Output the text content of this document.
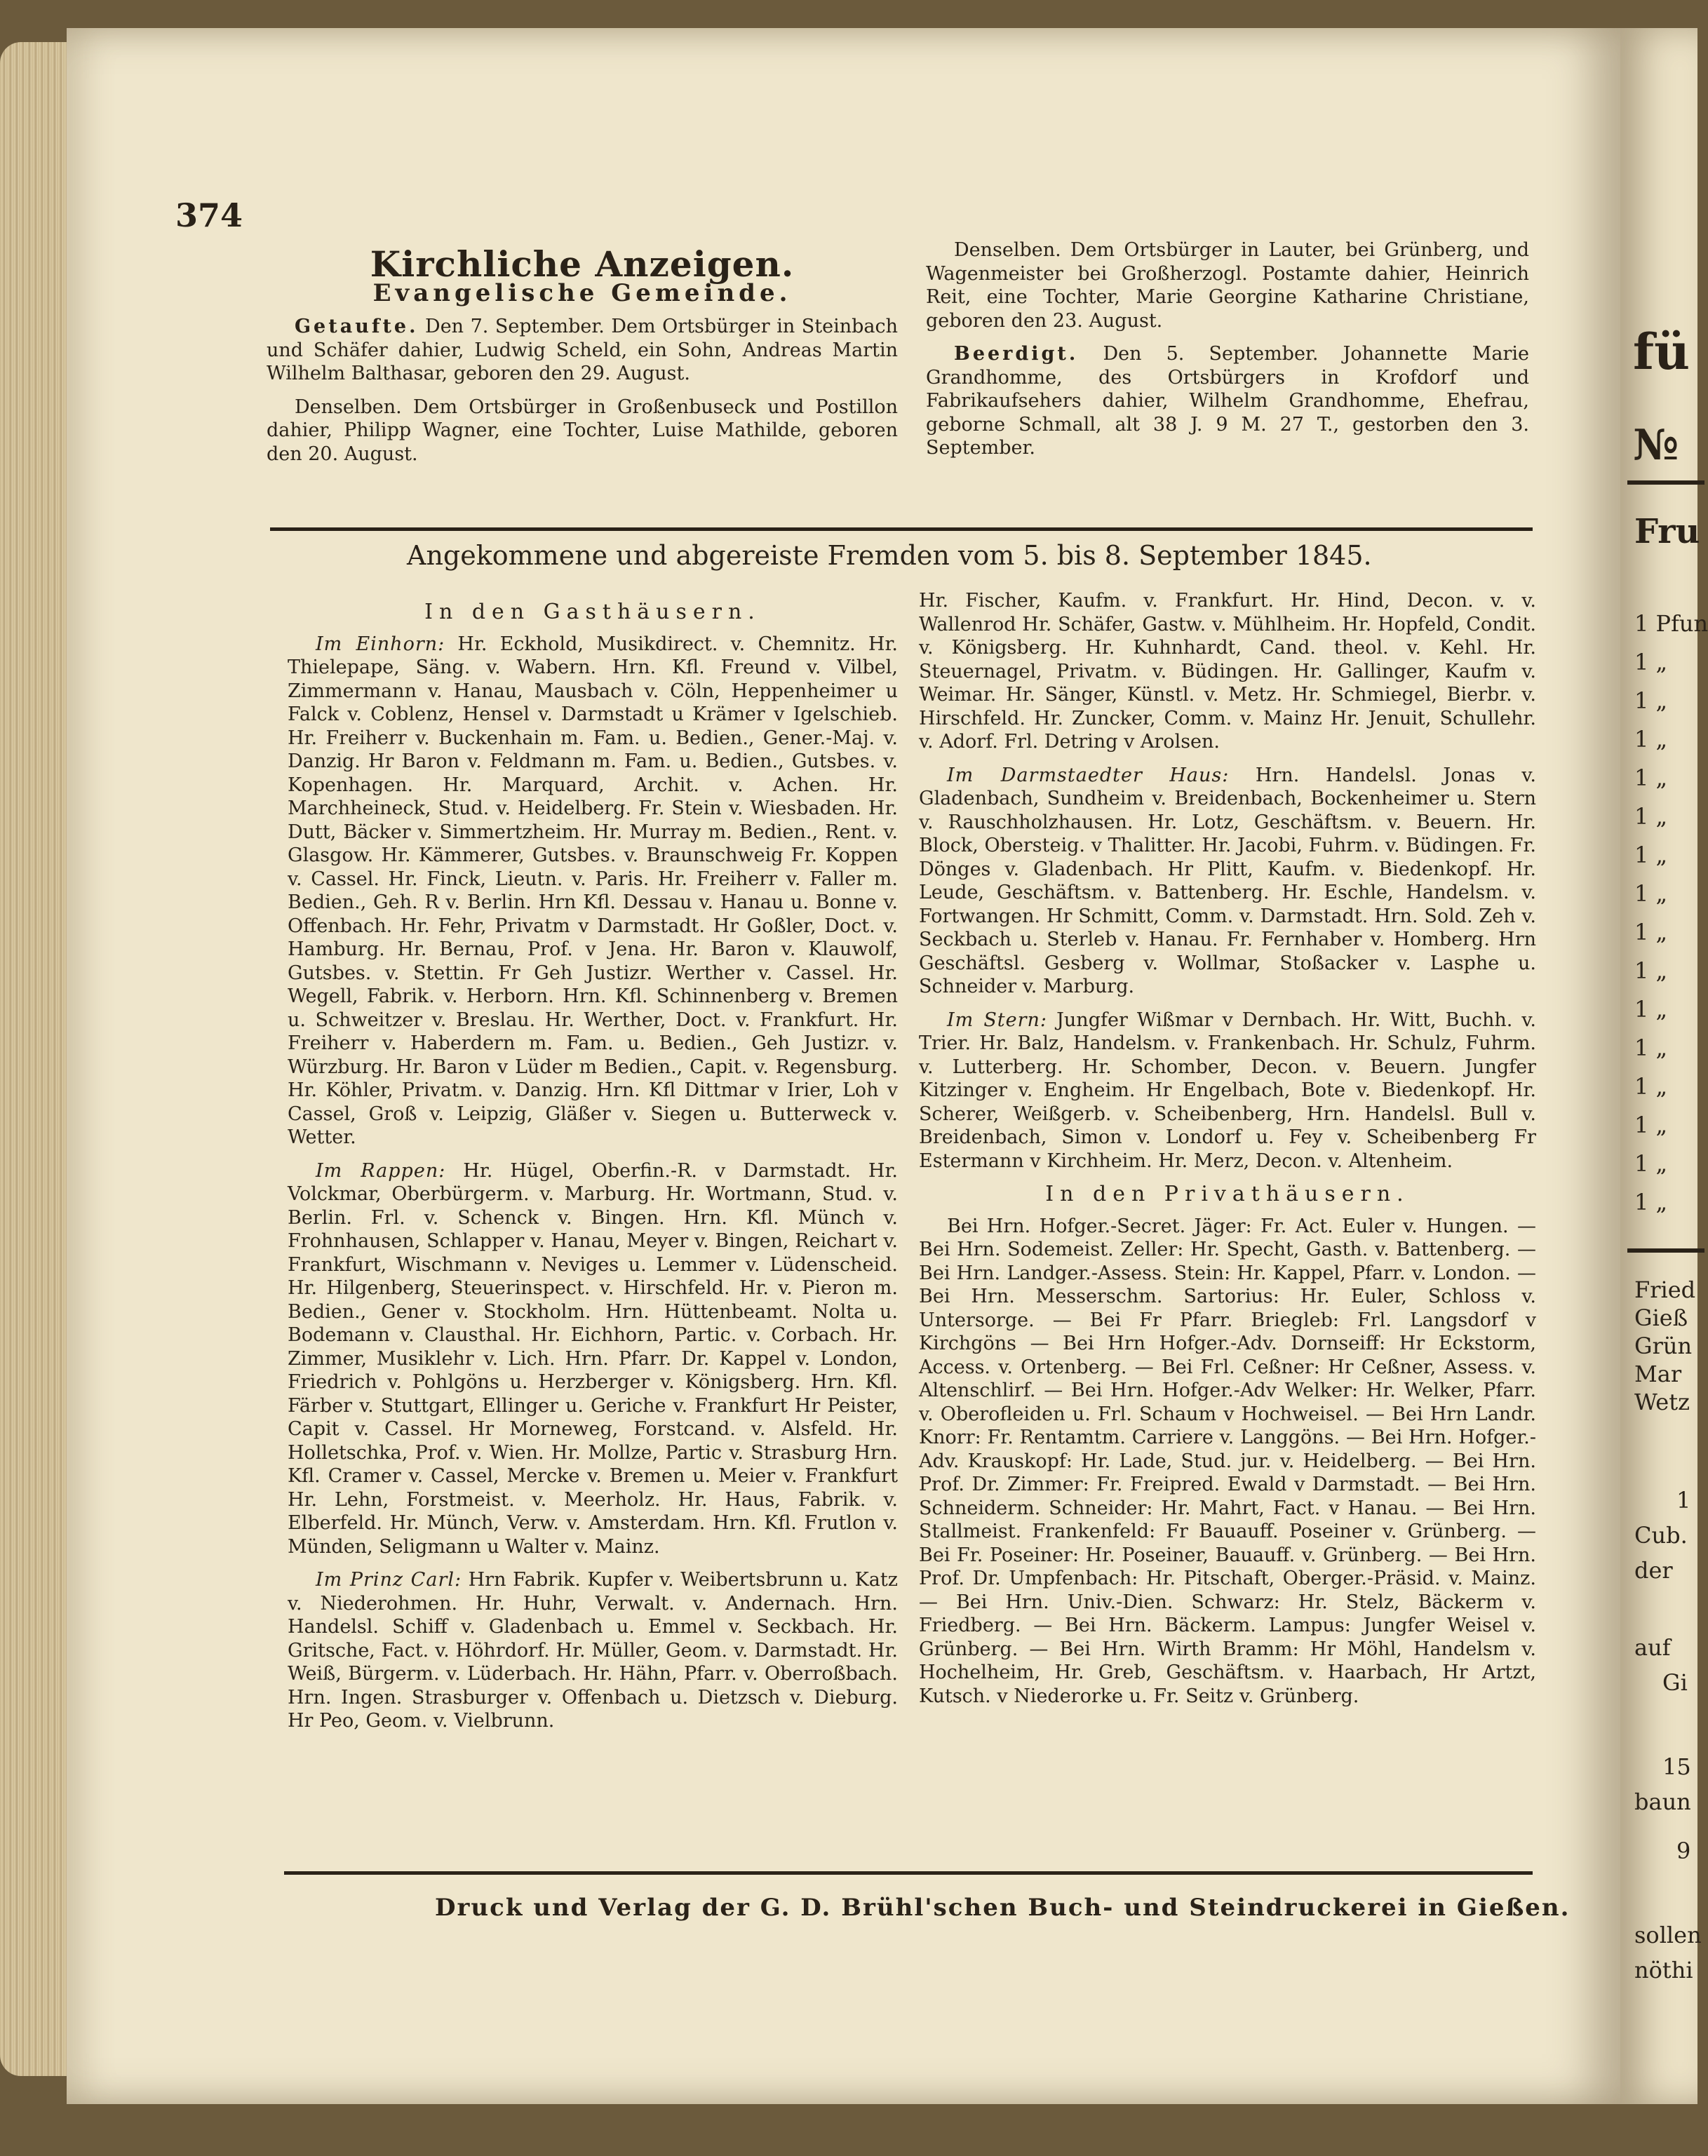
374
Kirchliche Anzeigen.
Evangelische Gemeinde.

Getaufte. Den 7. September. Dem Ortsbürger in Steinbach und Schäfer dahier, Ludwig Scheld, ein Sohn, Andreas Martin Wilhelm Balthasar, geboren den 29. August.

Denselben. Dem Ortsbürger in Großenbuseck und Postillon dahier, Philipp Wagner, eine Tochter, Luise Mathilde, geboren den 20. August.

Denselben. Dem Ortsbürger in Lauter, bei Grünberg, und Wagenmeister bei Großherzogl. Postamte dahier, Heinrich Reit, eine Tochter, Marie Georgine Katharine Christiane, geboren den 23. August.

Beerdigt. Den 5. September. Johannette Marie Grandhomme, des Ortsbürgers in Krofdorf und Fabrikaufsehers dahier, Wilhelm Grandhomme, Ehefrau, geborne Schmall, alt 38 J. 9 M. 27 T., gestorben den 3. September.

Angekommene und abgereiste Fremden vom 5. bis 8. September 1845.
In den Gasthäusern.

Im Einhorn: Hr. Eckhold, Musikdirect. v. Chemnitz. Hr. Thielepape, Säng. v. Wabern. Hrn. Kfl. Freund v. Vilbel, Zimmermann v. Hanau, Mausbach v. Cöln, Heppenheimer u Falck v. Coblenz, Hensel v. Darmstadt u Krämer v Igelschieb. Hr. Freiherr v. Buckenhain m. Fam. u. Bedien., Gener.-Maj. v. Danzig. Hr Baron v. Feldmann m. Fam. u. Bedien., Gutsbes. v. Kopenhagen. Hr. Marquard, Archit. v. Achen. Hr. Marchheineck, Stud. v. Heidelberg. Fr. Stein v. Wiesbaden. Hr. Dutt, Bäcker v. Simmertzheim. Hr. Murray m. Bedien., Rent. v. Glasgow. Hr. Kämmerer, Gutsbes. v. Braunschweig Fr. Koppen v. Cassel. Hr. Finck, Lieutn. v. Paris. Hr. Freiherr v. Faller m. Bedien., Geh. R v. Berlin. Hrn Kfl. Dessau v. Hanau u. Bonne v. Offenbach. Hr. Fehr, Privatm v Darmstadt. Hr Goßler, Doct. v. Hamburg. Hr. Bernau, Prof. v Jena. Hr. Baron v. Klauwolf, Gutsbes. v. Stettin. Fr Geh Justizr. Werther v. Cassel. Hr. Wegell, Fabrik. v. Herborn. Hrn. Kfl. Schinnenberg v. Bremen u. Schweitzer v. Breslau. Hr. Werther, Doct. v. Frankfurt. Hr. Freiherr v. Haberdern m. Fam. u. Bedien., Geh Justizr. v. Würzburg. Hr. Baron v Lüder m Bedien., Capit. v. Regensburg. Hr. Köhler, Privatm. v. Danzig. Hrn. Kfl Dittmar v Irier, Loh v Cassel, Groß v. Leipzig, Gläßer v. Siegen u. Butterweck v. Wetter.

Im Rappen: Hr. Hügel, Oberfin.-R. v Darmstadt. Hr. Volckmar, Oberbürgerm. v. Marburg. Hr. Wortmann, Stud. v. Berlin. Frl. v. Schenck v. Bingen. Hrn. Kfl. Münch v. Frohnhausen, Schlapper v. Hanau, Meyer v. Bingen, Reichart v. Frankfurt, Wischmann v. Neviges u. Lemmer v. Lüdenscheid. Hr. Hilgenberg, Steuerinspect. v. Hirschfeld. Hr. v. Pieron m. Bedien., Gener v. Stockholm. Hrn. Hüttenbeamt. Nolta u. Bodemann v. Clausthal. Hr. Eichhorn, Partic. v. Corbach. Hr. Zimmer, Musiklehr v. Lich. Hrn. Pfarr. Dr. Kappel v. London, Friedrich v. Pohlgöns u. Herzberger v. Königsberg. Hrn. Kfl. Färber v. Stuttgart, Ellinger u. Geriche v. Frankfurt Hr Peister, Capit v. Cassel. Hr Morneweg, Forstcand. v. Alsfeld. Hr. Holletschka, Prof. v. Wien. Hr. Mollze, Partic v. Strasburg Hrn. Kfl. Cramer v. Cassel, Mercke v. Bremen u. Meier v. Frankfurt Hr. Lehn, Forstmeist. v. Meerholz. Hr. Haus, Fabrik. v. Elberfeld. Hr. Münch, Verw. v. Amsterdam. Hrn. Kfl. Frutlon v. Münden, Seligmann u Walter v. Mainz.

Im Prinz Carl: Hrn Fabrik. Kupfer v. Weibertsbrunn u. Katz v. Niederohmen. Hr. Huhr, Verwalt. v. Andernach. Hrn. Handelsl. Schiff v. Gladenbach u. Emmel v. Seckbach. Hr. Gritsche, Fact. v. Höhrdorf. Hr. Müller, Geom. v. Darmstadt. Hr. Weiß, Bürgerm. v. Lüderbach. Hr. Hähn, Pfarr. v. Oberroßbach. Hrn. Ingen. Strasburger v. Offenbach u. Dietzsch v. Dieburg. Hr Peo, Geom. v. Vielbrunn.

Hr. Fischer, Kaufm. v. Frankfurt. Hr. Hind, Decon. v. v. Wallenrod Hr. Schäfer, Gastw. v. Mühlheim. Hr. Hopfeld, Condit. v. Königsberg. Hr. Kuhnhardt, Cand. theol. v. Kehl. Hr. Steuernagel, Privatm. v. Büdingen. Hr. Gallinger, Kaufm v. Weimar. Hr. Sänger, Künstl. v. Metz. Hr. Schmiegel, Bierbr. v. Hirschfeld. Hr. Zuncker, Comm. v. Mainz Hr. Jenuit, Schullehr. v. Adorf. Frl. Detring v Arolsen.

Im Darmstaedter Haus: Hrn. Handelsl. Jonas v. Gladenbach, Sundheim v. Breidenbach, Bockenheimer u. Stern v. Rauschholzhausen. Hr. Lotz, Geschäftsm. v. Beuern. Hr. Block, Obersteig. v Thalitter. Hr. Jacobi, Fuhrm. v. Büdingen. Fr. Dönges v. Gladenbach. Hr Plitt, Kaufm. v. Biedenkopf. Hr. Leude, Geschäftsm. v. Battenberg. Hr. Eschle, Handelsm. v. Fortwangen. Hr Schmitt, Comm. v. Darmstadt. Hrn. Sold. Zeh v. Seckbach u. Sterleb v. Hanau. Fr. Fernhaber v. Homberg. Hrn Geschäftsl. Gesberg v. Wollmar, Stoßacker v. Lasphe u. Schneider v. Marburg.

Im Stern: Jungfer Wißmar v Dernbach. Hr. Witt, Buchh. v. Trier. Hr. Balz, Handelsm. v. Frankenbach. Hr. Schulz, Fuhrm. v. Lutterberg. Hr. Schomber, Decon. v. Beuern. Jungfer Kitzinger v. Engheim. Hr Engelbach, Bote v. Biedenkopf. Hr. Scherer, Weißgerb. v. Scheibenberg, Hrn. Handelsl. Bull v. Breidenbach, Simon v. Londorf u. Fey v. Scheibenberg Fr Estermann v Kirchheim. Hr. Merz, Decon. v. Altenheim.

In den Privathäusern.

Bei Hrn. Hofger.-Secret. Jäger: Fr. Act. Euler v. Hungen. — Bei Hrn. Sodemeist. Zeller: Hr. Specht, Gasth. v. Battenberg. — Bei Hrn. Landger.-Assess. Stein: Hr. Kappel, Pfarr. v. London. — Bei Hrn. Messerschm. Sartorius: Hr. Euler, Schloss v. Untersorge. — Bei Fr Pfarr. Briegleb: Frl. Langsdorf v Kirchgöns — Bei Hrn Hofger.-Adv. Dornseiff: Hr Eckstorm, Access. v. Ortenberg. — Bei Frl. Ceßner: Hr Ceßner, Assess. v. Altenschlirf. — Bei Hrn. Hofger.-Adv Welker: Hr. Welker, Pfarr. v. Oberofleiden u. Frl. Schaum v Hochweisel. — Bei Hrn Landr. Knorr: Fr. Rentamtm. Carriere v. Langgöns. — Bei Hrn. Hofger.-Adv. Krauskopf: Hr. Lade, Stud. jur. v. Heidelberg. — Bei Hrn. Prof. Dr. Zimmer: Fr. Freipred. Ewald v Darmstadt. — Bei Hrn. Schneiderm. Schneider: Hr. Mahrt, Fact. v Hanau. — Bei Hrn. Stallmeist. Frankenfeld: Fr Bauauff. Poseiner v. Grünberg. — Bei Fr. Poseiner: Hr. Poseiner, Bauauff. v. Grünberg. — Bei Hrn. Prof. Dr. Umpfenbach: Hr. Pitschaft, Oberger.-Präsid. v. Mainz. — Bei Hrn. Univ.-Dien. Schwarz: Hr. Stelz, Bäckerm v. Friedberg. — Bei Hrn. Bäckerm. Lampus: Jungfer Weisel v. Grünberg. — Bei Hrn. Wirth Bramm: Hr Möhl, Handelsm v. Hochelheim, Hr. Greb, Geschäftsm. v. Haarbach, Hr Artzt, Kutsch. v Niederorke u. Fr. Seitz v. Grünberg.

Druck und Verlag der G. D. Brühl'schen Buch- und Steindruckerei in Gießen.
fü
№
Fru
1 Pfun
1 „
1 „
1 „
1 „
1 „
1 „
1 „
1 „
1 „
1 „
1 „
1 „
1 „
1 „
1 „
Fried
Gieß
Grün
Mar
Wetz
1
Cub.
der
auf
Gi
15
baun
9
sollen
nöthi
